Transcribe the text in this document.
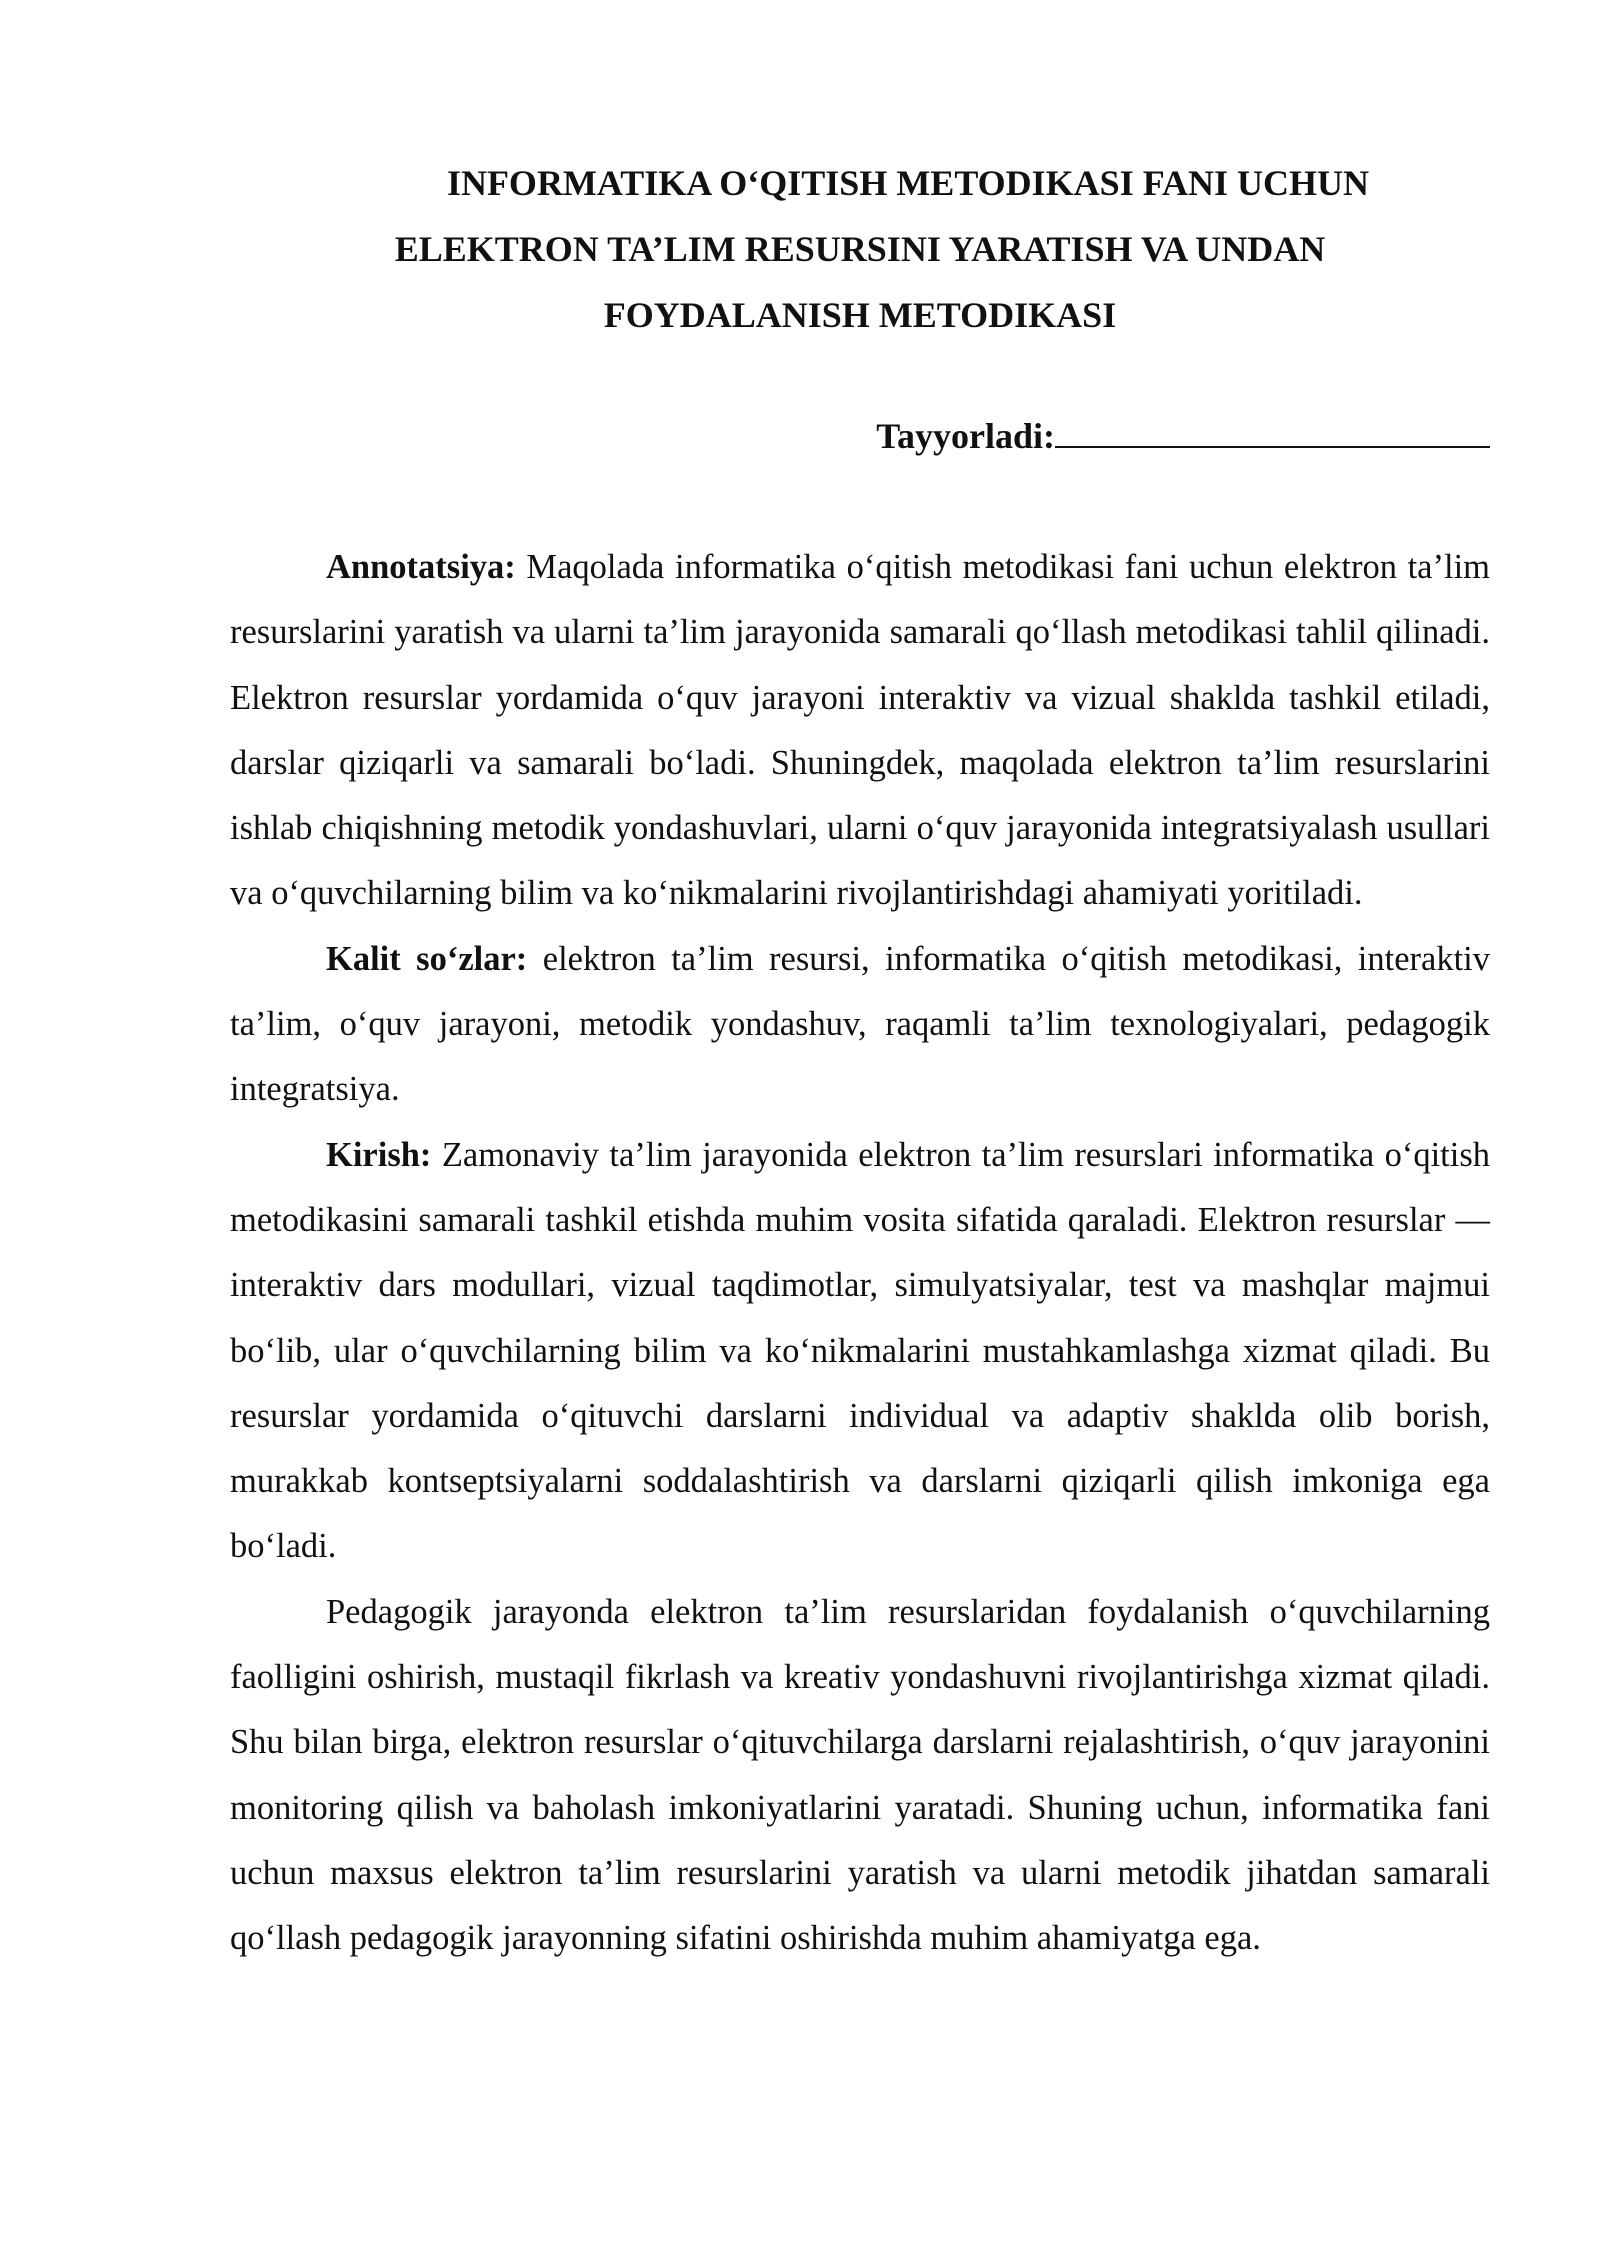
INFORMATIKA O‘QITISH METODIKASI FANI UCHUN
ELEKTRON TA’LIM RESURSINI YARATISH VA UNDAN
FOYDALANISH METODIKASI
Tayyorladi:

Annotatsiya: Maqolada informatika o‘qitish metodikasi fani uchun elektron ta’lim resurslarini yaratish va ularni ta’lim jarayonida samarali qo‘llash metodikasi tahlil qilinadi. Elektron resurslar yordamida o‘quv jarayoni interaktiv va vizual shaklda tashkil etiladi, darslar qiziqarli va samarali bo‘ladi. Shuningdek, maqolada elektron ta’lim resurslarini ishlab chiqishning metodik yondashuvlari, ularni o‘quv jarayonida integratsiyalash usullari va o‘quvchilarning bilim va ko‘nikmalarini rivojlantirishdagi ahamiyati yoritiladi.

Kalit so‘zlar: elektron ta’lim resursi, informatika o‘qitish metodikasi, interaktiv ta’lim, o‘quv jarayoni, metodik yondashuv, raqamli ta’lim texnologiyalari, pedagogik integratsiya.

Kirish: Zamonaviy ta’lim jarayonida elektron ta’lim resurslari informatika o‘qitish metodikasini samarali tashkil etishda muhim vosita sifatida qaraladi. Elektron resurslar — interaktiv dars modullari, vizual taqdimotlar, simulyatsiyalar, test va mashqlar majmui bo‘lib, ular o‘quvchilarning bilim va ko‘nikmalarini mustahkamlashga xizmat qiladi. Bu resurslar yordamida o‘qituvchi darslarni individual va adaptiv shaklda olib borish, murakkab kontseptsiyalarni soddalashtirish va darslarni qiziqarli qilish imkoniga ega bo‘ladi.

Pedagogik jarayonda elektron ta’lim resurslaridan foydalanish o‘quvchilarning faolligini oshirish, mustaqil fikrlash va kreativ yondashuvni rivojlantirishga xizmat qiladi. Shu bilan birga, elektron resurslar o‘qituvchilarga darslarni rejalashtirish, o‘quv jarayonini monitoring qilish va baholash imkoniyatlarini yaratadi. Shuning uchun, informatika fani uchun maxsus elektron ta’lim resurslarini yaratish va ularni metodik jihatdan samarali qo‘llash pedagogik jarayonning sifatini oshirishda muhim ahamiyatga ega.
